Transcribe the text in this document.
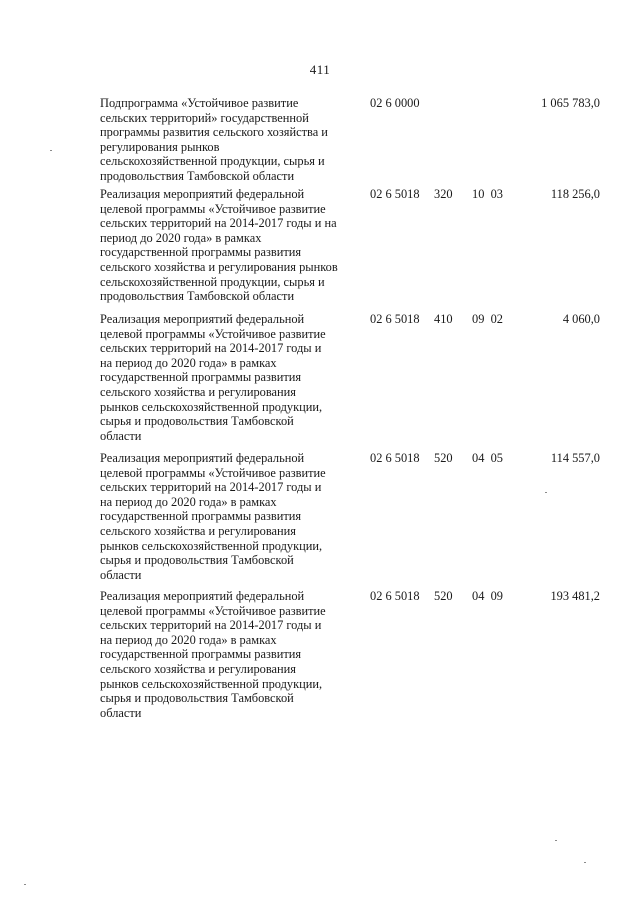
411
Подпрограмма «Устойчивое развитие
сельских территорий» государственной
программы развития сельского хозяйства и
регулирования рынков
сельскохозяйственной продукции, сырья и
продовольствия Тамбовской области
02 6 0000	1 065 783,0
Реализация мероприятий федеральной
целевой программы «Устойчивое развитие
сельских территорий на 2014-2017 годы и на
период до 2020 года» в рамках
государственной программы развития
сельского хозяйства и регулирования рынков
сельскохозяйственной продукции, сырья и
продовольствия Тамбовской области
02 6 5018 320 10  03	118 256,0
Реализация мероприятий федеральной
целевой программы «Устойчивое развитие
сельских территорий на 2014-2017 годы и
на период до 2020 года» в рамках
государственной программы развития
сельского хозяйства и регулирования
рынков сельскохозяйственной продукции,
сырья и продовольствия Тамбовской
области
02 6 5018 410 09  02	4 060,0
Реализация мероприятий федеральной
целевой программы «Устойчивое развитие
сельских территорий на 2014-2017 годы и
на период до 2020 года» в рамках
государственной программы развития
сельского хозяйства и регулирования
рынков сельскохозяйственной продукции,
сырья и продовольствия Тамбовской
области
02 6 5018 520 04  05	114 557,0
Реализация мероприятий федеральной
целевой программы «Устойчивое развитие
сельских территорий на 2014-2017 годы и
на период до 2020 года» в рамках
государственной программы развития
сельского хозяйства и регулирования
рынков сельскохозяйственной продукции,
сырья и продовольствия Тамбовской
области
02 6 5018 520 04  09	193 481,2
